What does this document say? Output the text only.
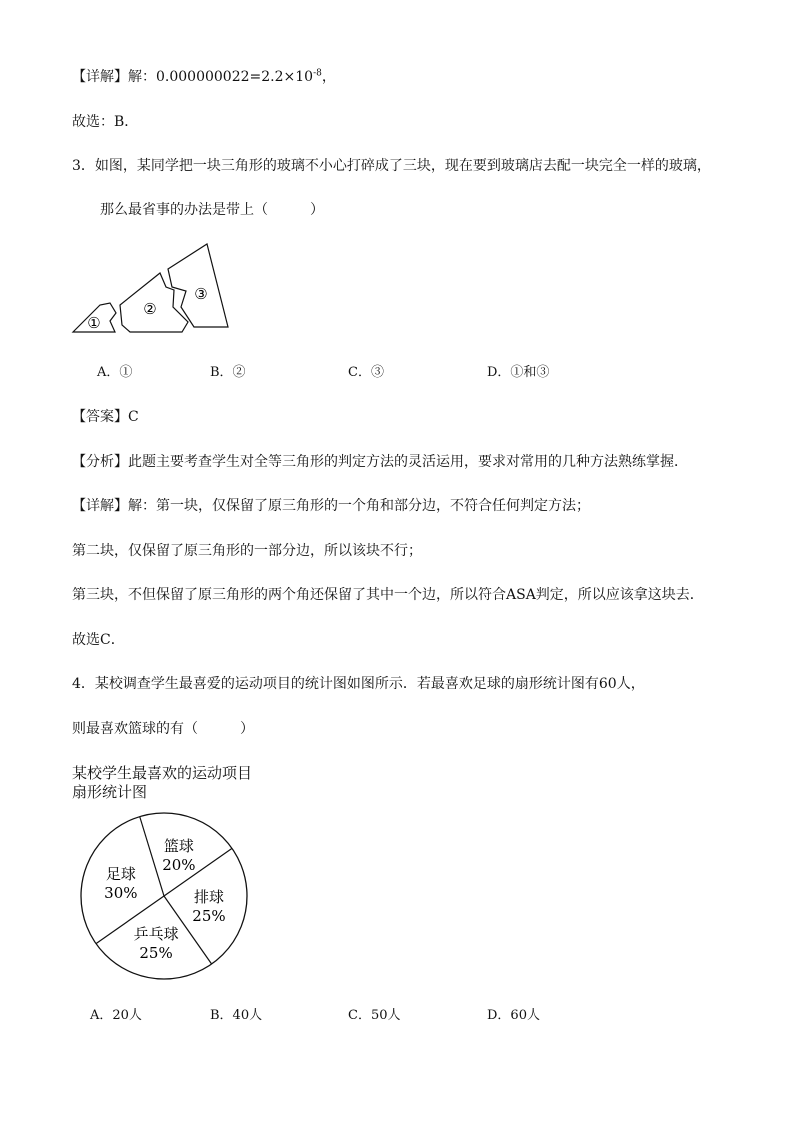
【详解】解：$0.000000022=2.2\times 10^{-8}$，
故选：B．
3．如图，某同学把一块三角形的玻璃不小心打碎成了三块，现在要到玻璃店去配一块完全一样的玻璃，
那么最省事的办法是带上（　　　）
①
②
③
A．①	B．②	C．③	D．①和③
【答案】C
【分析】此题主要考查学生对全等三角形的判定方法的灵活运用，要求对常用的几种方法熟练掌握．
【详解】解：第一块，仅保留了原三角形的一个角和部分边，不符合任何判定方法；
第二块，仅保留了原三角形的一部分边，所以该块不行；
第三块，不但保留了原三角形的两个角还保留了其中一个边，所以符合ASA判定，所以应该拿这块去．
故选C．
4．某校调查学生最喜爱的运动项目的统计图如图所示．若最喜欢足球的扇形统计图有60人，
则最喜欢篮球的有（　　　）
某校学生最喜欢的运动项目
扇形统计图
足球
30%
篮球
20%
排球
25%
乒乓球
25%
A．20人	B．40人	C．50人	D．60人
